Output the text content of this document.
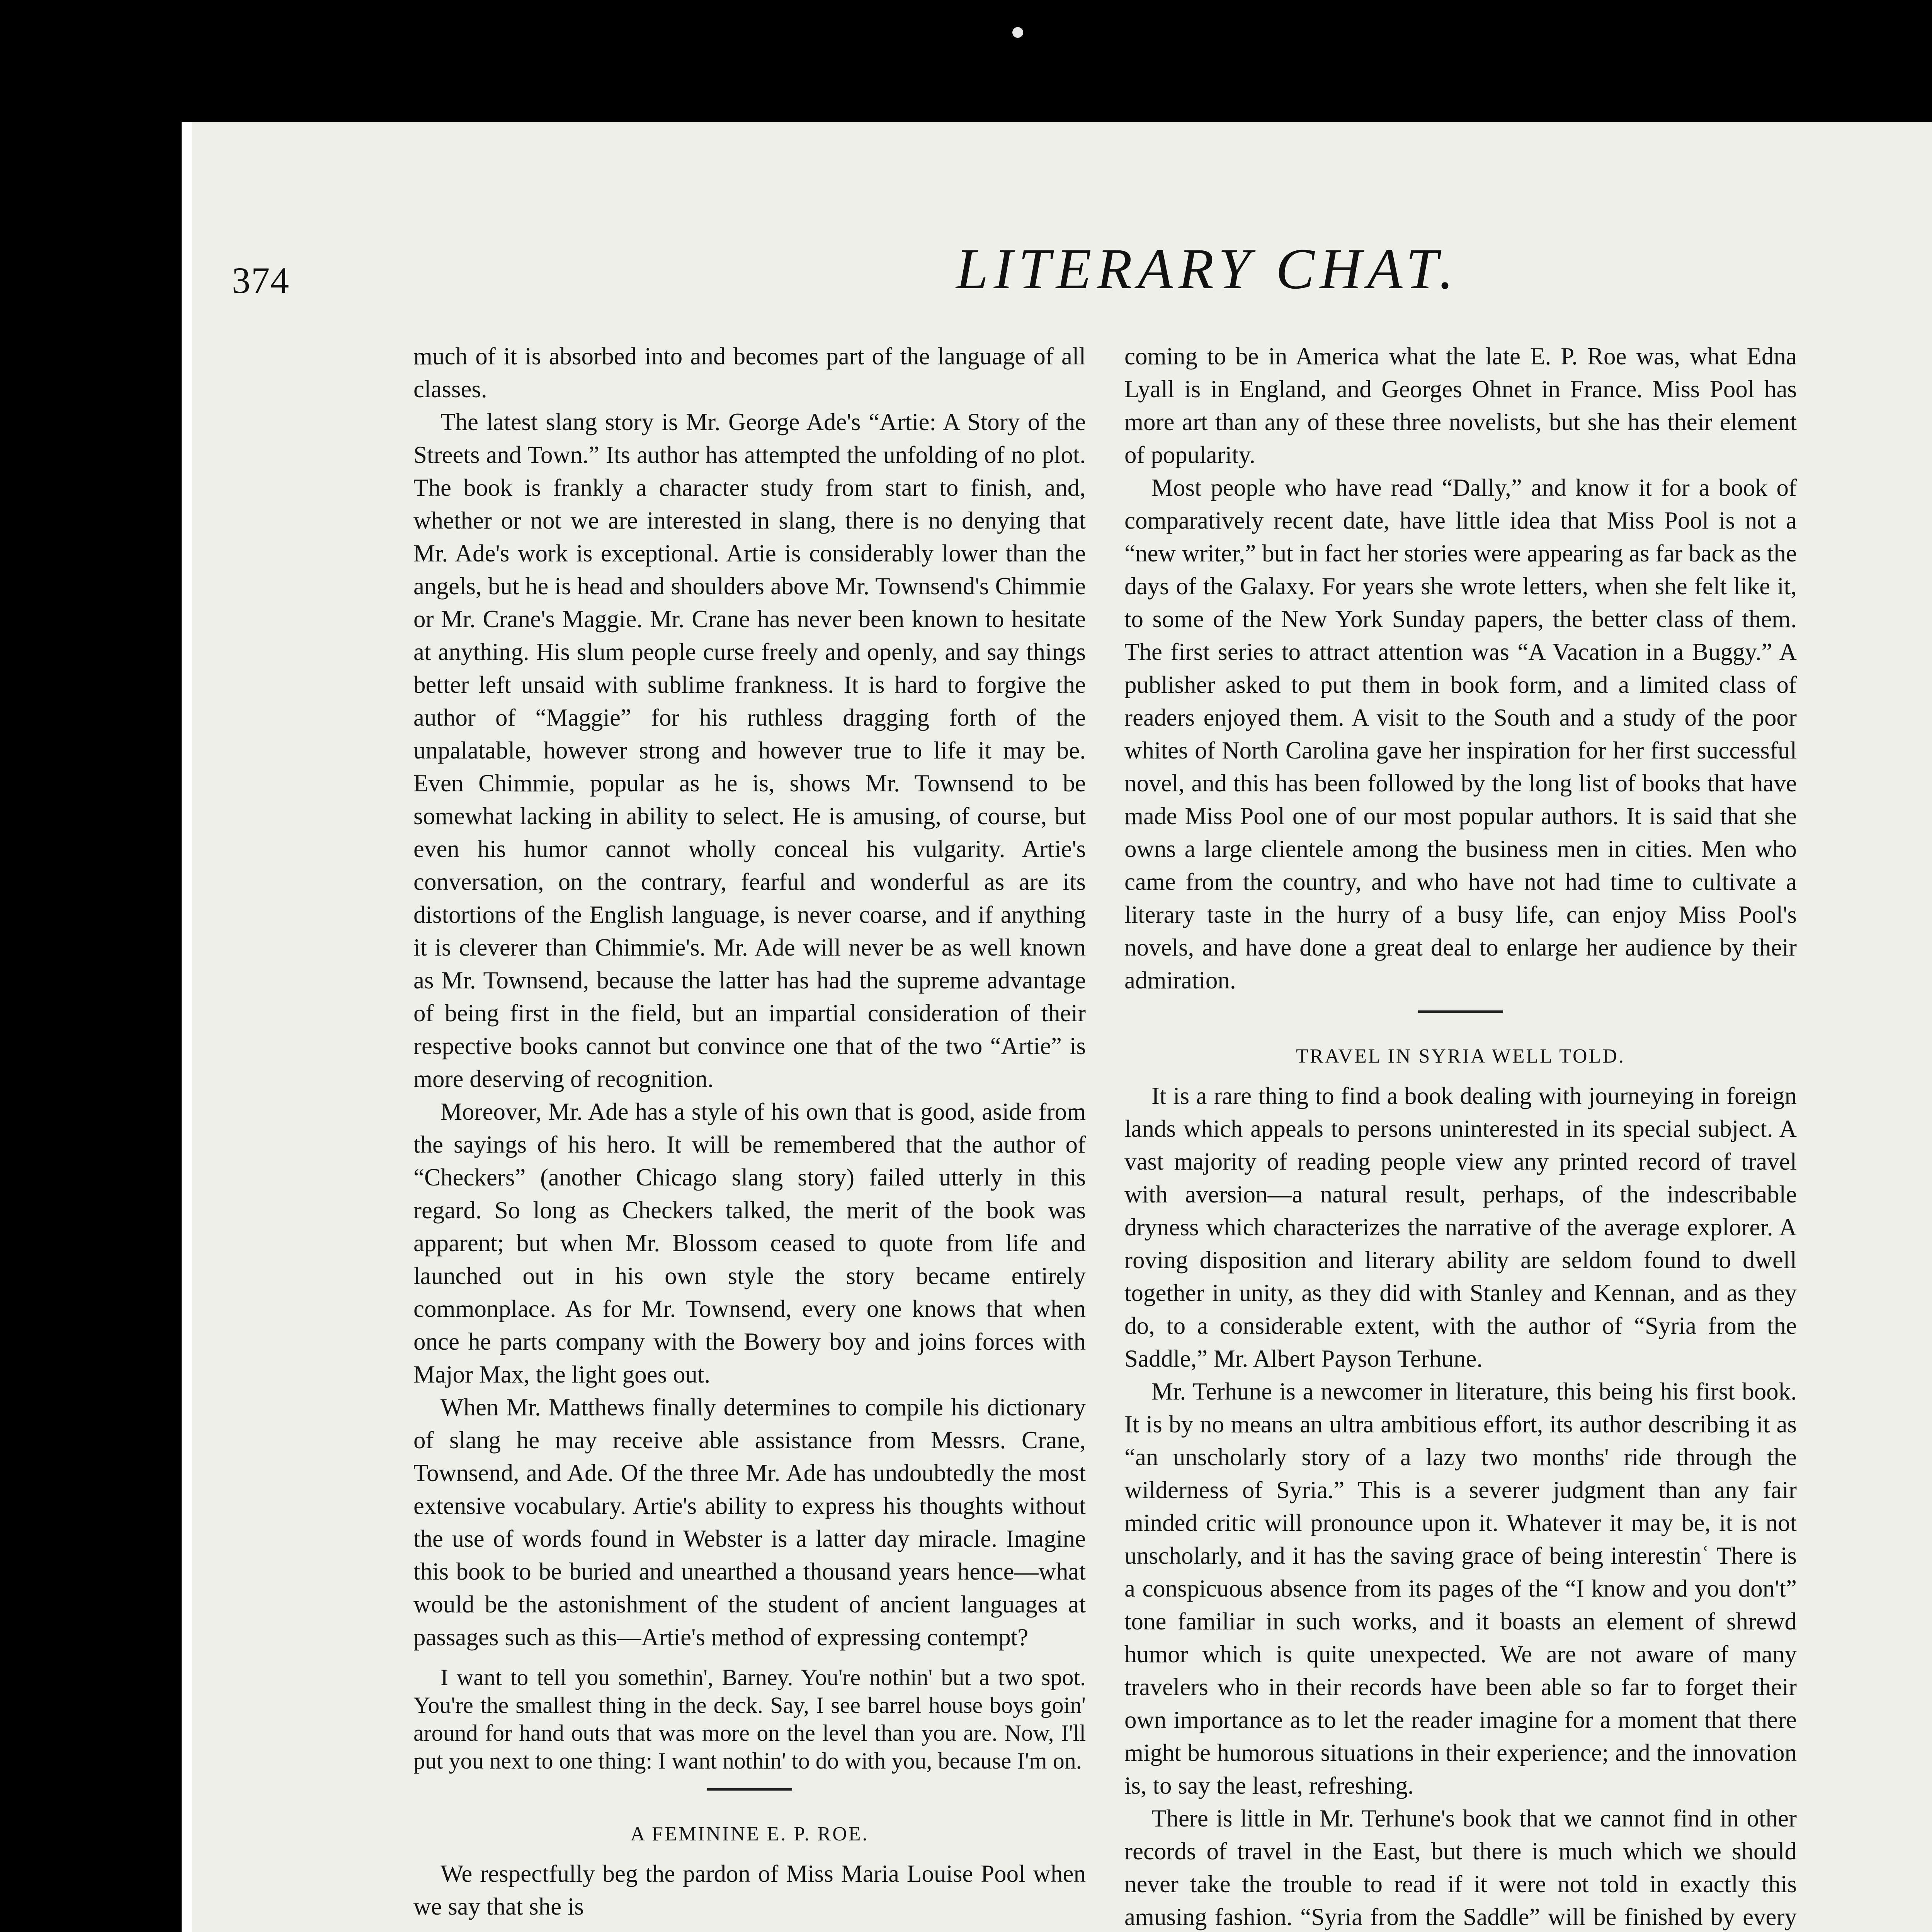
374	LITERARY CHAT.

much of it is absorbed into and becomes part of the language of all classes.

The latest slang story is Mr. George Ade's “Artie: A Story of the Streets and Town.” Its author has attempted the unfolding of no plot. The book is frankly a character study from start to finish, and, whether or not we are interested in slang, there is no denying that Mr. Ade's work is exceptional. Artie is considerably lower than the angels, but he is head and shoulders above Mr. Townsend's Chimmie or Mr. Crane's Maggie. Mr. Crane has never been known to hesitate at anything. His slum people curse freely and openly, and say things better left unsaid with sublime frankness. It is hard to forgive the author of “Maggie” for his ruthless dragging forth of the unpalatable, however strong and however true to life it may be. Even Chimmie, popular as he is, shows Mr. Townsend to be somewhat lacking in ability to select. He is amusing, of course, but even his humor cannot wholly conceal his vulgarity. Artie's conversation, on the contrary, fearful and wonderful as are its distortions of the English language, is never coarse, and if anything it is cleverer than Chimmie's. Mr. Ade will never be as well known as Mr. Townsend, because the latter has had the supreme advantage of being first in the field, but an impartial consideration of their respective books cannot but convince one that of the two “Artie” is more deserving of recognition.

Moreover, Mr. Ade has a style of his own that is good, aside from the sayings of his hero. It will be remembered that the author of “Checkers” (another Chicago slang story) failed utterly in this regard. So long as Checkers talked, the merit of the book was apparent; but when Mr. Blossom ceased to quote from life and launched out in his own style the story became entirely commonplace. As for Mr. Townsend, every one knows that when once he parts company with the Bowery boy and joins forces with Major Max, the light goes out.

When Mr. Matthews finally determines to compile his dictionary of slang he may receive able assistance from Messrs. Crane, Townsend, and Ade. Of the three Mr. Ade has undoubtedly the most extensive vocabulary. Artie's ability to express his thoughts without the use of words found in Webster is a latter day miracle. Imagine this book to be buried and unearthed a thousand years hence—what would be the astonishment of the student of ancient languages at passages such as this—Artie's method of expressing contempt?

I want to tell you somethin', Barney. You're nothin' but a two spot. You're the smallest thing in the deck. Say, I see barrel house boys goin' around for hand outs that was more on the level than you are. Now, I'll put you next to one thing: I want nothin' to do with you, because I'm on.
A FEMININE E. P. ROE.

We respectfully beg the pardon of Miss Maria Louise Pool when we say that she is

coming to be in America what the late E. P. Roe was, what Edna Lyall is in England, and Georges Ohnet in France. Miss Pool has more art than any of these three novelists, but she has their element of popularity.

Most people who have read “Dally,” and know it for a book of comparatively recent date, have little idea that Miss Pool is not a “new writer,” but in fact her stories were appearing as far back as the days of the Galaxy. For years she wrote letters, when she felt like it, to some of the New York Sunday papers, the better class of them. The first series to attract attention was “A Vacation in a Buggy.” A publisher asked to put them in book form, and a limited class of readers enjoyed them. A visit to the South and a study of the poor whites of North Carolina gave her inspiration for her first successful novel, and this has been followed by the long list of books that have made Miss Pool one of our most popular authors. It is said that she owns a large clientele among the business men in cities. Men who came from the country, and who have not had time to cultivate a literary taste in the hurry of a busy life, can enjoy Miss Pool's novels, and have done a great deal to enlarge her audience by their admiration.

TRAVEL IN SYRIA WELL TOLD.

It is a rare thing to find a book dealing with journeying in foreign lands which appeals to persons uninterested in its special subject. A vast majority of reading people view any printed record of travel with aversion—a natural result, perhaps, of the indescribable dryness which characterizes the narrative of the average explorer. A roving disposition and literary ability are seldom found to dwell together in unity, as they did with Stanley and Kennan, and as they do, to a considerable extent, with the author of “Syria from the Saddle,” Mr. Albert Payson Terhune.

Mr. Terhune is a newcomer in literature, this being his first book. It is by no means an ultra ambitious effort, its author describing it as “an unscholarly story of a lazy two months' ride through the wilderness of Syria.” This is a severer judgment than any fair minded critic will pronounce upon it. Whatever it may be, it is not unscholarly, and it has the saving grace of being interestinʿ There is a conspicuous absence from its pages of the “I know and you don't” tone familiar in such works, and it boasts an element of shrewd humor which is quite unexpected. We are not aware of many travelers who in their records have been able so far to forget their own importance as to let the reader imagine for a moment that there might be humorous situations in their experience; and the innovation is, to say the least, refreshing.

There is little in Mr. Terhune's book that we cannot find in other records of travel in the East, but there is much which we should never take the trouble to read if it were not told in exactly this amusing fashion. “Syria from the Saddle” will be finished by every
